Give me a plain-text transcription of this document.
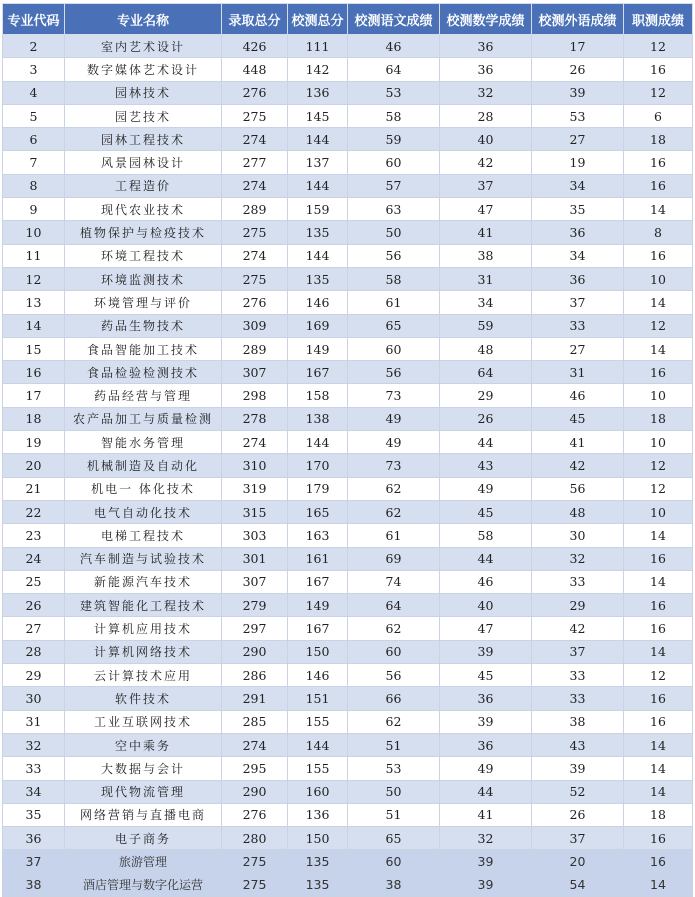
专业代码	专业名称	录取总分	校测总分	校测语文成绩	校测数学成绩	校测外语成绩	职测成绩
2	室内艺术设计	426	111	46	36	17	12
3	数字媒体艺术设计	448	142	64	36	26	16
4	园林技术	276	136	53	32	39	12
5	园艺技术	275	145	58	28	53	6
6	园林工程技术	274	144	59	40	27	18
7	风景园林设计	277	137	60	42	19	16
8	工程造价	274	144	57	37	34	16
9	现代农业技术	289	159	63	47	35	14
10	植物保护与检疫技术	275	135	50	41	36	8
11	环境工程技术	274	144	56	38	34	16
12	环境监测技术	275	135	58	31	36	10
13	环境管理与评价	276	146	61	34	37	14
14	药品生物技术	309	169	65	59	33	12
15	食品智能加工技术	289	149	60	48	27	14
16	食品检验检测技术	307	167	56	64	31	16
17	药品经营与管理	298	158	73	29	46	10
18	农产品加工与质量检测	278	138	49	26	45	18
19	智能水务管理	274	144	49	44	41	10
20	机械制造及自动化	310	170	73	43	42	12
21	机电一 体化技术	319	179	62	49	56	12
22	电气自动化技术	315	165	62	45	48	10
23	电梯工程技术	303	163	61	58	30	14
24	汽车制造与试验技术	301	161	69	44	32	16
25	新能源汽车技术	307	167	74	46	33	14
26	建筑智能化工程技术	279	149	64	40	29	16
27	计算机应用技术	297	167	62	47	42	16
28	计算机网络技术	290	150	60	39	37	14
29	云计算技术应用	286	146	56	45	33	12
30	软件技术	291	151	66	36	33	16
31	工业互联网技术	285	155	62	39	38	16
32	空中乘务	274	144	51	36	43	14
33	大数据与会计	295	155	53	49	39	14
34	现代物流管理	290	160	50	44	52	14
35	网络营销与直播电商	276	136	51	41	26	18
36	电子商务	280	150	65	32	37	16
37	旅游管理	275	135	60	39	20	16
38	酒店管理与数字化运营	275	135	38	39	54	14
